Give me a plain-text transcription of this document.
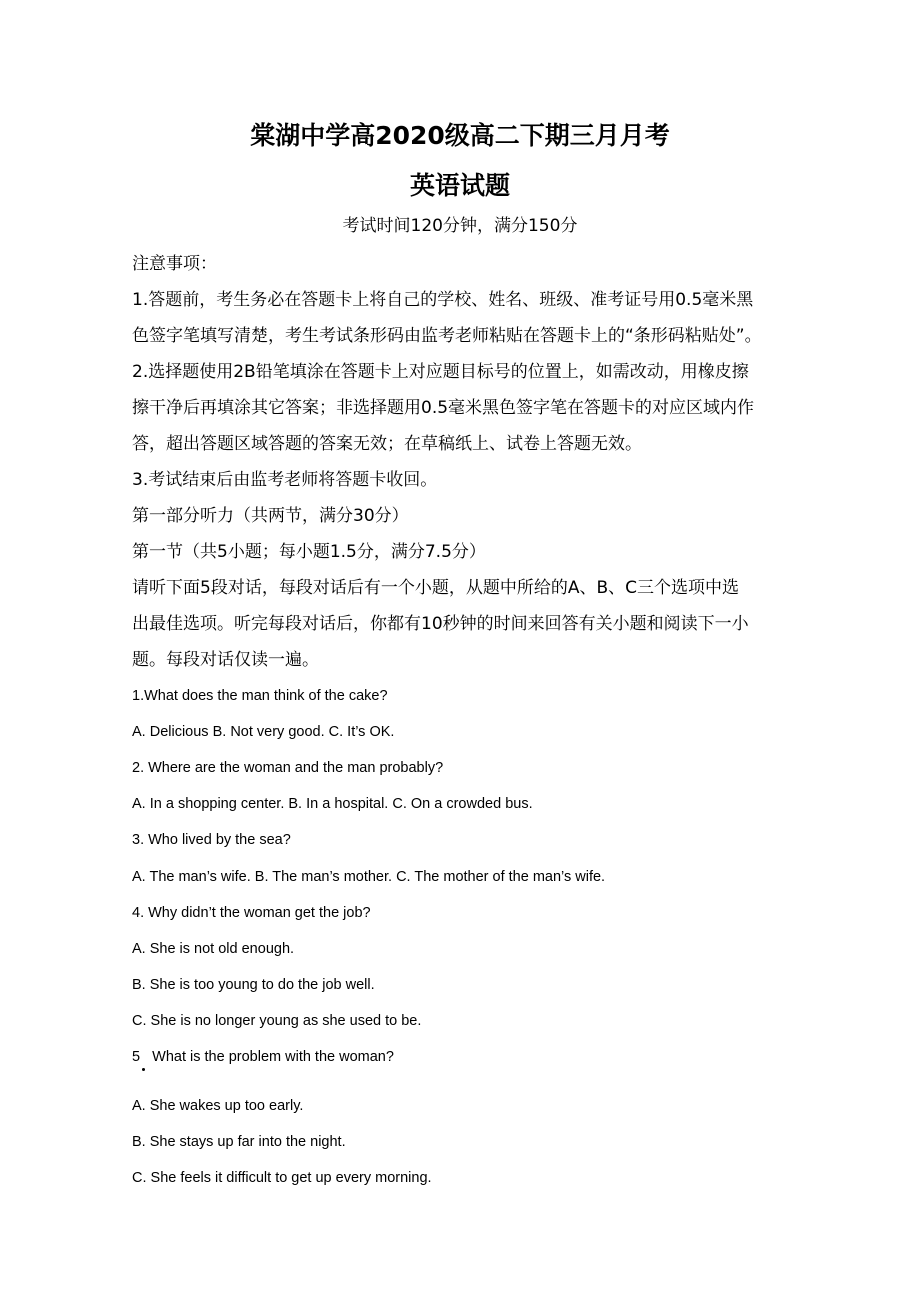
棠湖中学高2020级高二下期三月月考
英语试题
考试时间120分钟，满分150分
注意事项：
1.答题前，考生务必在答题卡上将自己的学校、姓名、班级、准考证号用0.5毫米黑
色签字笔填写清楚，考生考试条形码由监考老师粘贴在答题卡上的“条形码粘贴处”。
2.选择题使用2B铅笔填涂在答题卡上对应题目标号的位置上，如需改动，用橡皮擦
擦干净后再填涂其它答案；非选择题用0.5毫米黑色签字笔在答题卡的对应区域内作
答，超出答题区域答题的答案无效；在草稿纸上、试卷上答题无效。
3.考试结束后由监考老师将答题卡收回。
第一部分听力（共两节，满分30分）
第一节（共5小题；每小题1.5分，满分7.5分）
请听下面5段对话，每段对话后有一个小题，从题中所给的A、B、C三个选项中选
出最佳选项。听完每段对话后，你都有10秒钟的时间来回答有关小题和阅读下一小
题。每段对话仅读一遍。
1.What does the man think of the cake?
A. Delicious B. Not very good. C. It’s OK.
2. Where are the woman and the man probably?
A. In a shopping center. B. In a hospital. C. On a crowded bus.
3. Who lived by the sea?
A. The man’s wife. B. The man’s mother. C. The mother of the man’s wife.
4. Why didn’t the woman get the job?
A. She is not old enough.
B. She is too young to do the job well.
C. She is no longer young as she used to be.
5   What is the problem with the woman?
A. She wakes up too early.
B. She stays up far into the night.
C. She feels it difficult to get up every morning.
